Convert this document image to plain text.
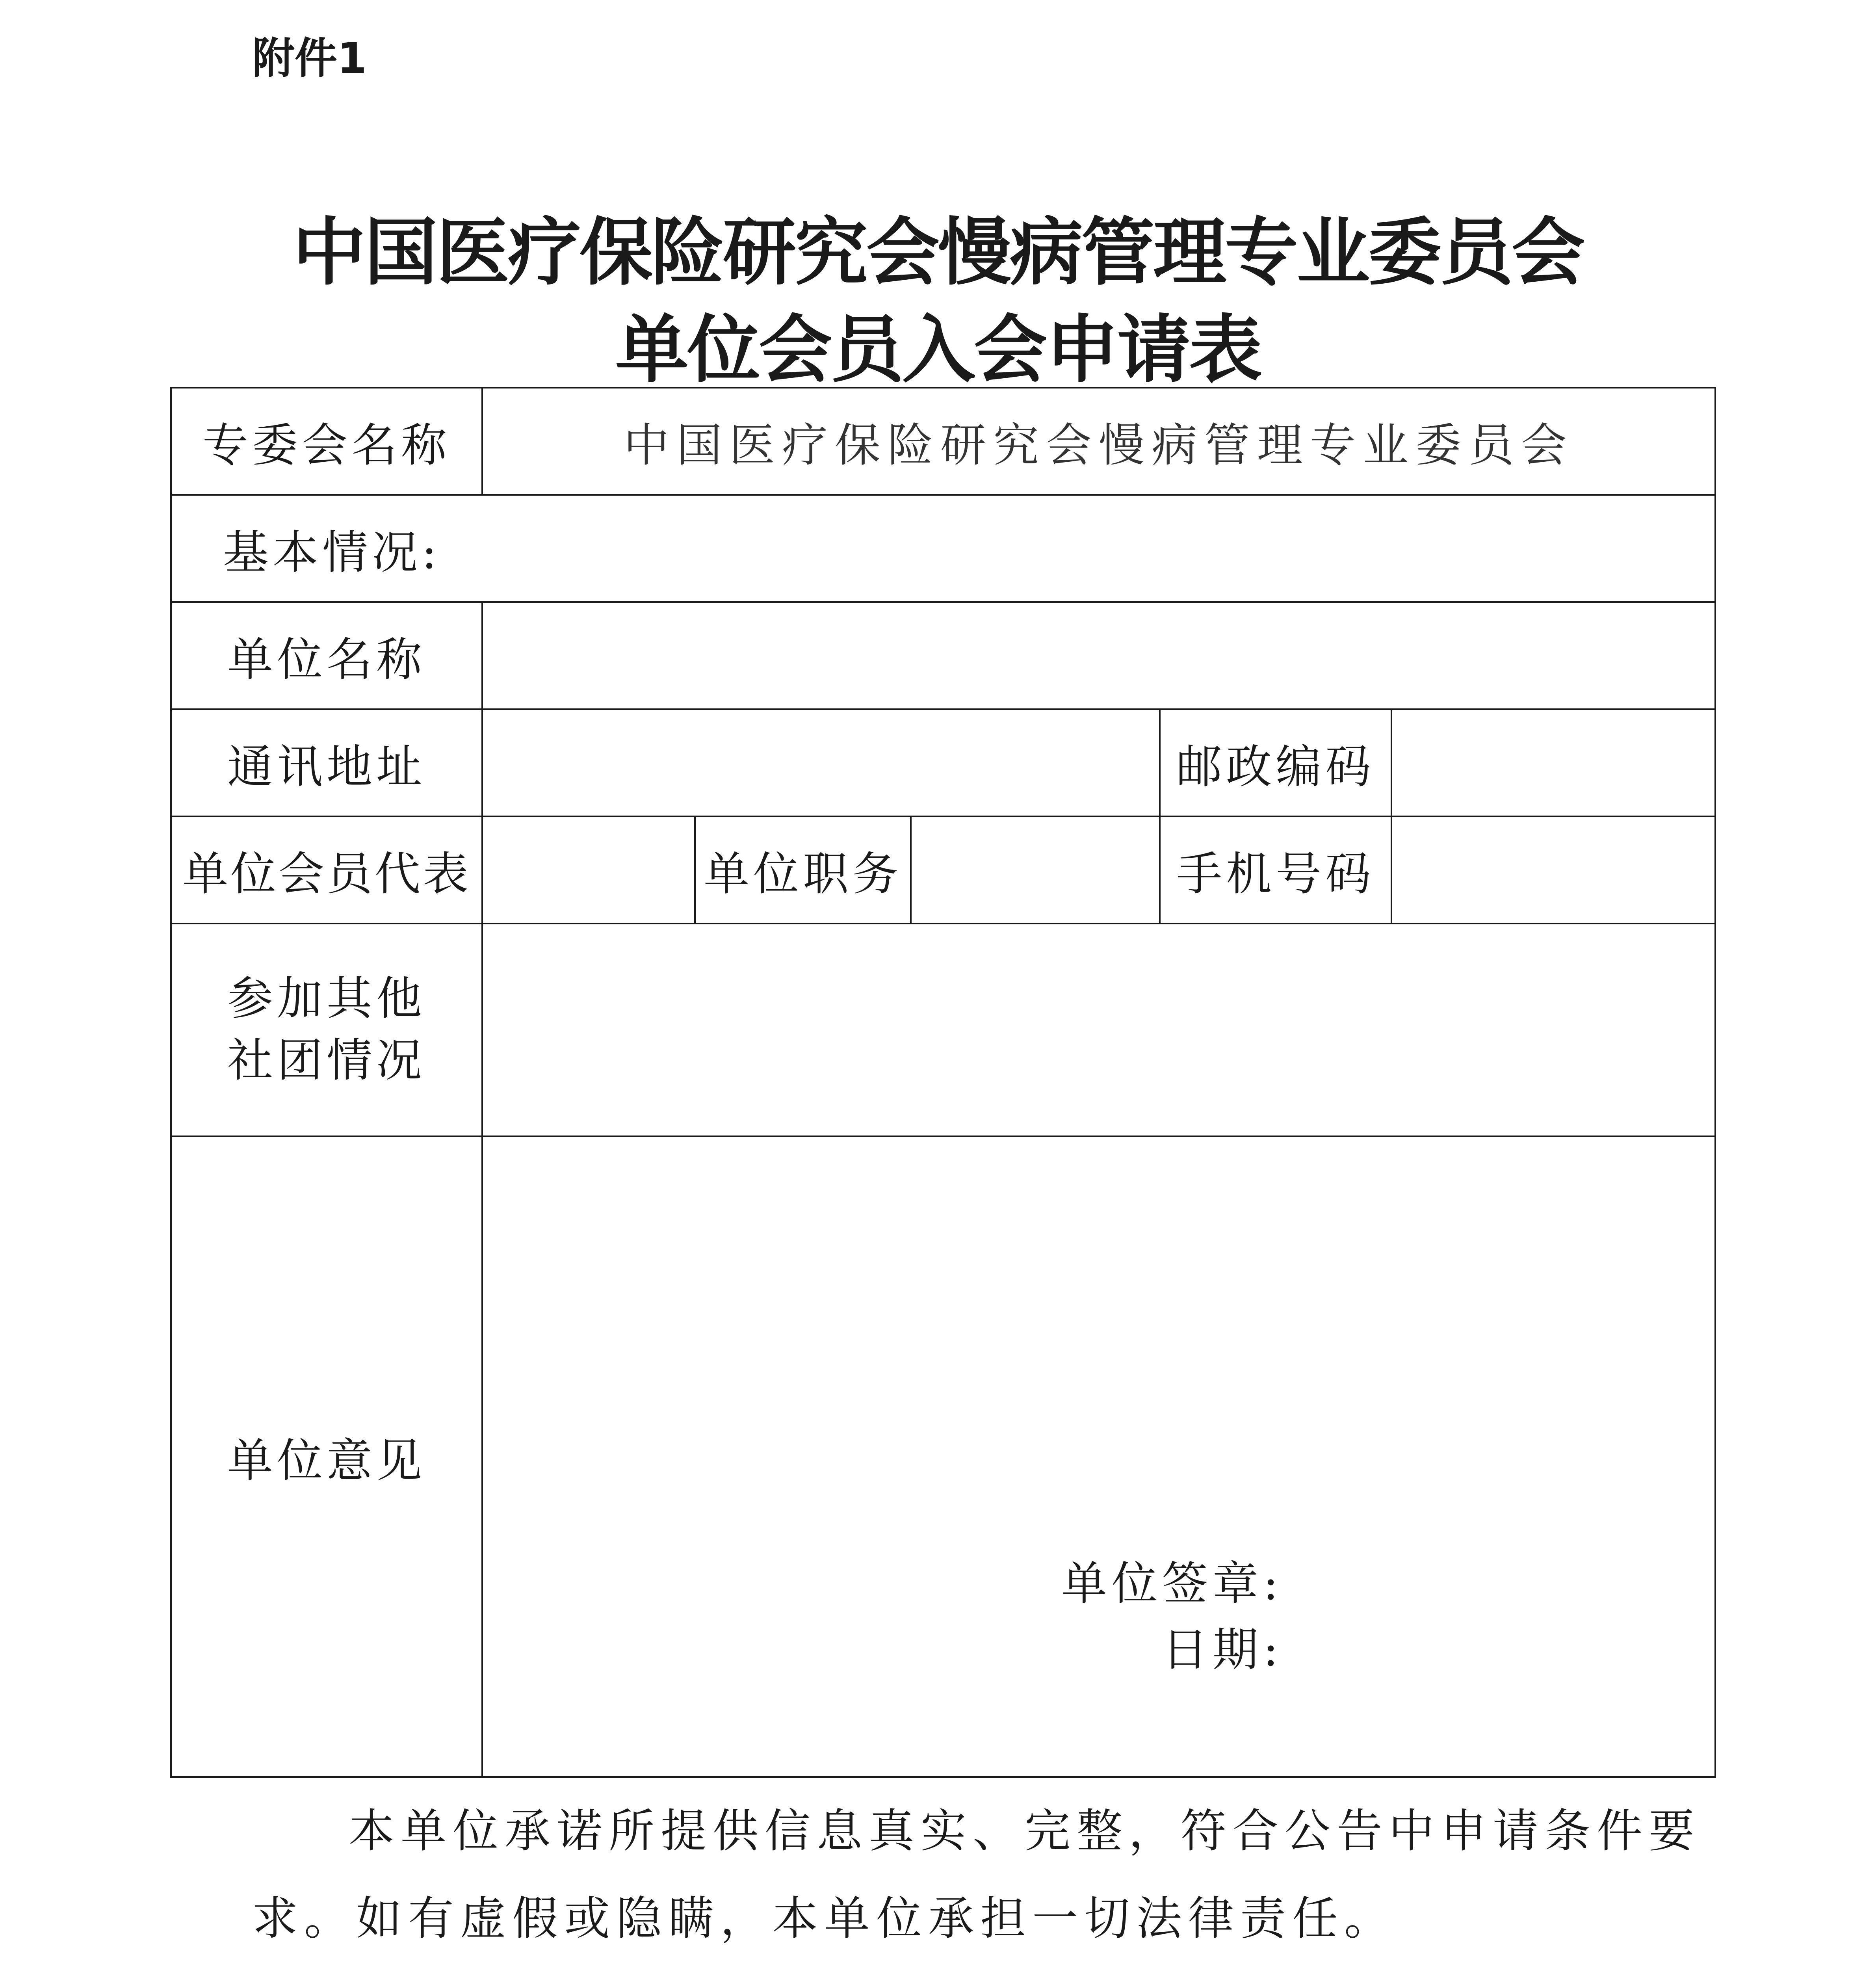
附件1
中国医疗保险研究会慢病管理专业委员会
单位会员入会申请表
专委会名称	中国医疗保险研究会慢病管理专业委员会				
基本情况:					
单位名称					
通讯地址				邮政编码	
单位会员代表		单位职务		手机号码	

参加其他
社团情况					

单位意见	单位签章:
日期:				
本单位承诺所提供信息真实、完整，符合公告中申请条件要
求。如有虚假或隐瞒，本单位承担一切法律责任。
